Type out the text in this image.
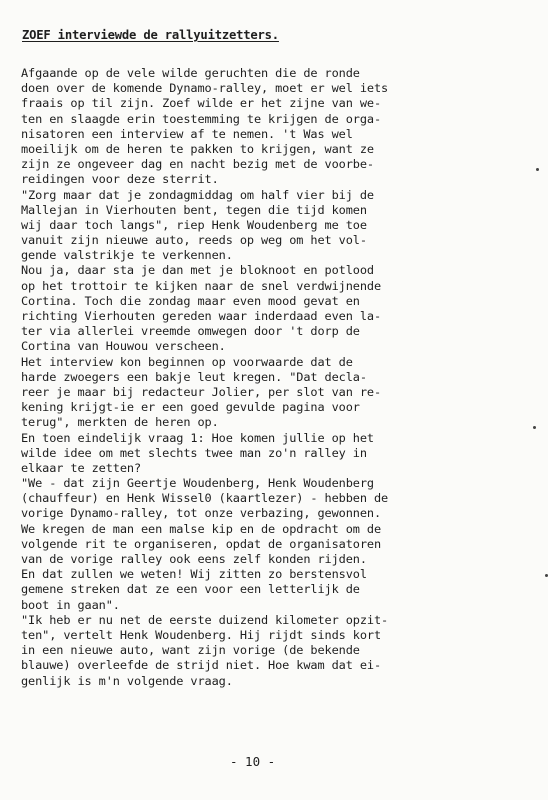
ZOEF interviewde de rallyuitzetters.
Afgaande op de vele wilde geruchten die de ronde
doen over de komende Dynamo-ralley, moet er wel iets
fraais op til zijn. Zoef wilde er het zijne van we-
ten en slaagde erin toestemming te krijgen de orga-
nisatoren een interview af te nemen. 't Was wel
moeilijk om de heren te pakken to krijgen, want ze
zijn ze ongeveer dag en nacht bezig met de voorbe-
reidingen voor deze sterrit.
"Zorg maar dat je zondagmiddag om half vier bij de
Mallejan in Vierhouten bent, tegen die tijd komen
wij daar toch langs", riep Henk Woudenberg me toe
vanuit zijn nieuwe auto, reeds op weg om het vol-
gende valstrikje te verkennen.
Nou ja, daar sta je dan met je bloknoot en potlood
op het trottoir te kijken naar de snel verdwijnende
Cortina. Toch die zondag maar even mood gevat en
richting Vierhouten gereden waar inderdaad even la-
ter via allerlei vreemde omwegen door 't dorp de
Cortina van Houwou verscheen.
Het interview kon beginnen op voorwaarde dat de
harde zwoegers een bakje leut kregen. "Dat decla-
reer je maar bij redacteur Jolier, per slot van re-
kening krijgt-ie er een goed gevulde pagina voor
terug", merkten de heren op.
En toen eindelijk vraag 1: Hoe komen jullie op het
wilde idee om met slechts twee man zo'n ralley in
elkaar te zetten?
"We - dat zijn Geertje Woudenberg, Henk Woudenberg
(chauffeur) en Henk Wissel0 (kaartlezer) - hebben de
vorige Dynamo-ralley, tot onze verbazing, gewonnen.
We kregen de man een malse kip en de opdracht om de
volgende rit te organiseren, opdat de organisatoren
van de vorige ralley ook eens zelf konden rijden.
En dat zullen we weten! Wij zitten zo berstensvol
gemene streken dat ze een voor een letterlijk de
boot in gaan".
"Ik heb er nu net de eerste duizend kilometer opzit-
ten", vertelt Henk Woudenberg. Hij rijdt sinds kort
in een nieuwe auto, want zijn vorige (de bekende
blauwe) overleefde de strijd niet. Hoe kwam dat ei-
genlijk is m'n volgende vraag.
- 10 -
